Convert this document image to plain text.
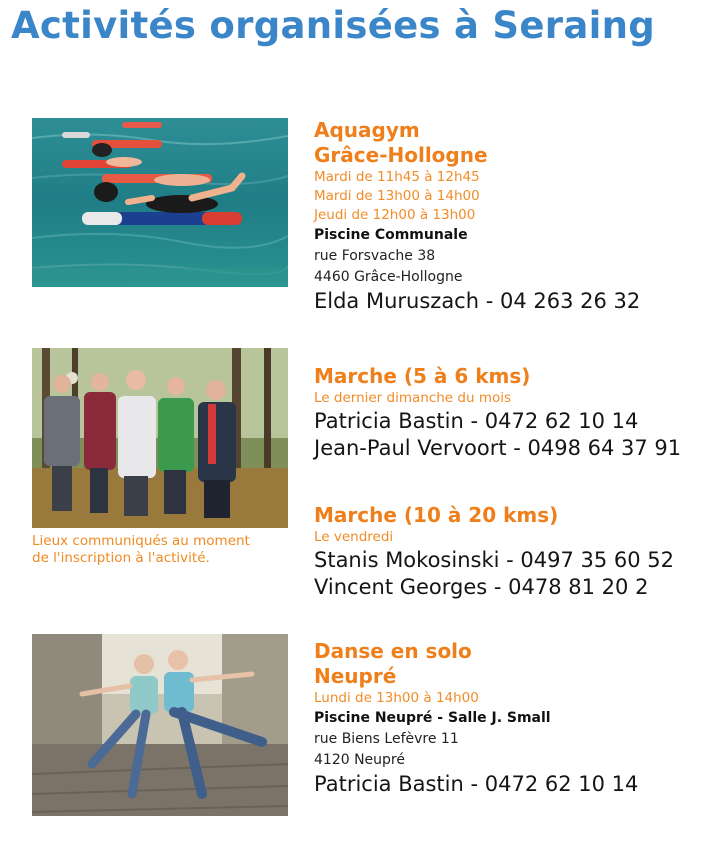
Activités organisées à Seraing
Lieux communiqués au moment
de l'inscription à l'activité.
Aquagym
Grâce-Hollogne
Mardi de 11h45 à 12h45
Mardi de 13h00 à 14h00
Jeudi de 12h00 à 13h00
Piscine Communale
rue Forsvache 38
4460 Grâce-Hollogne
Elda Muruszach - 04 263 26 32
Marche (5 à 6 kms)
Le dernier dimanche du mois
Patricia Bastin - 0472 62 10 14
Jean-Paul Vervoort - 0498 64 37 91
Marche (10 à 20 kms)
Le vendredi
Stanis Mokosinski - 0497 35 60 52
Vincent Georges - 0478 81 20 2
Danse en solo
Neupré
Lundi de 13h00 à 14h00
Piscine Neupré - Salle J. Small
rue Biens Lefèvre 11
4120 Neupré
Patricia Bastin - 0472 62 10 14
